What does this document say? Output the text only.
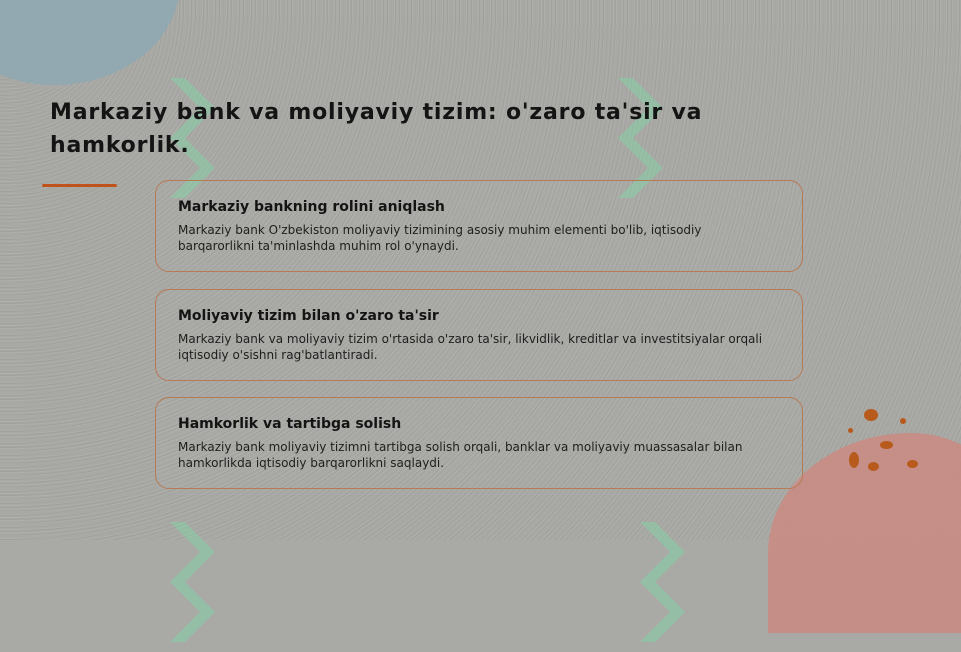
Markaziy bank va moliyaviy tizim: o'zaro ta'sir va hamkorlik.
Markaziy bankning rolini aniqlash
Markaziy bank O'zbekiston moliyaviy tizimining asosiy muhim elementi bo'lib, iqtisodiy barqarorlikni ta'minlashda muhim rol o'ynaydi.
Moliyaviy tizim bilan o'zaro ta'sir
Markaziy bank va moliyaviy tizim o'rtasida o'zaro ta'sir, likvidlik, kreditlar va investitsiyalar orqali iqtisodiy o'sishni rag'batlantiradi.
Hamkorlik va tartibga solish
Markaziy bank moliyaviy tizimni tartibga solish orqali, banklar va moliyaviy muassasalar bilan hamkorlikda iqtisodiy barqarorlikni saqlaydi.
